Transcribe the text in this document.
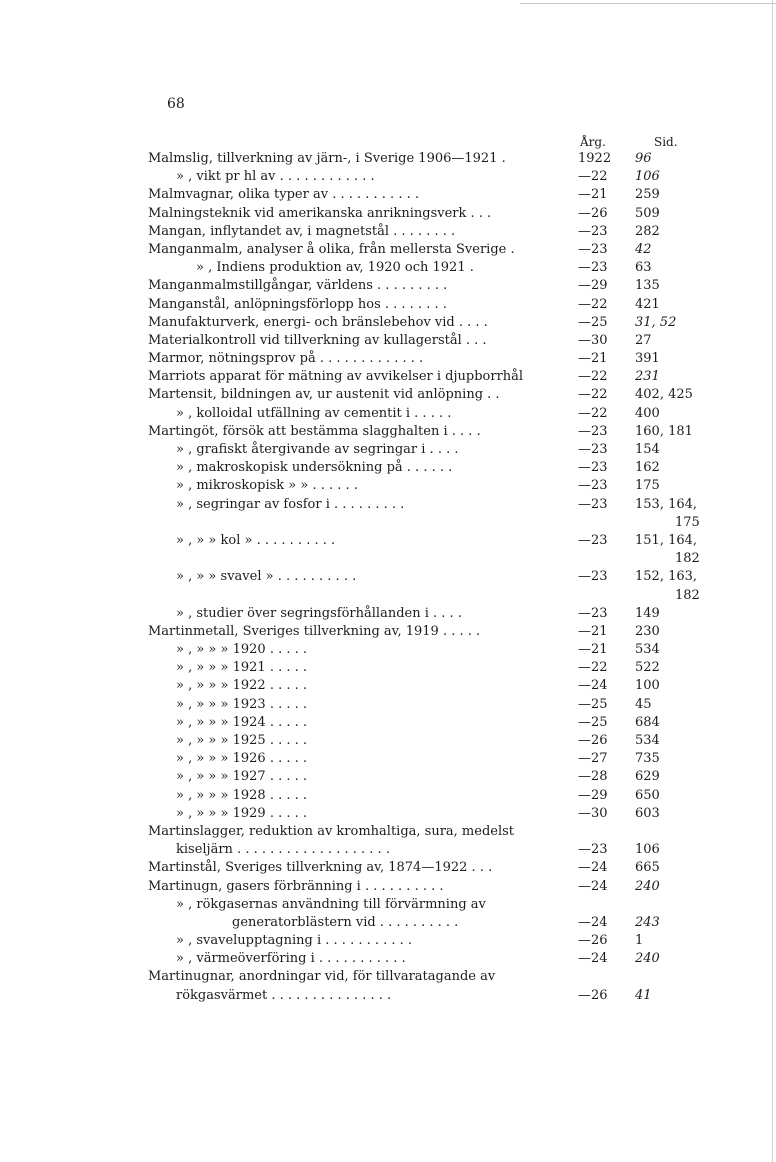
68
Årg.	Sid.
Malmslig, tillverkning av järn-, i Sverige 1906—1921 .	1922 96
» , vikt pr hl av . . . . . . . . . . . .	—22 106
Malmvagnar, olika typer av . . . . . . . . . . .	—21 259
Malningsteknik vid amerikanska anrikningsverk . . .	—26 509
Mangan, inflytandet av, i magnetstål . . . . . . . .	—23 282
Manganmalm, analyser å olika, från mellersta Sverige .	—23 42
» , Indiens produktion av, 1920 och 1921 .	—23 63
Manganmalmstillgångar, världens . . . . . . . . .	—29 135
Manganstål, anlöpningsförlopp hos . . . . . . . .	—22 421
Manufakturverk, energi- och bränslebehov vid . . . .	—25 31, 52
Materialkontroll vid tillverkning av kullagerstål . . .	—30 27
Marmor, nötningsprov på . . . . . . . . . . . . .	—21 391
Marriots apparat för mätning av avvikelser i djupborrhål	—22 231
Martensit, bildningen av, ur austenit vid anlöpning . .	—22 402, 425
» , kolloidal utfällning av cementit i . . . . .	—22 400
Martingöt, försök att bestämma slagghalten i . . . .	—23 160, 181
» , grafiskt återgivande av segringar i . . . .	—23 154
» , makroskopisk undersökning på . . . . . .	—23 162
» , mikroskopisk » » . . . . . .	—23 175
» , segringar av fosfor i . . . . . . . . .	—23 153, 164,
175
» , » » kol » . . . . . . . . . .	—23 151, 164,
182
» , » » svavel » . . . . . . . . . .	—23 152, 163,
182
» , studier över segringsförhållanden i . . . .	—23 149
Martinmetall, Sveriges tillverkning av, 1919 . . . . .	—21 230
» , » » » 1920 . . . . .	—21 534
» , » » » 1921 . . . . .	—22 522
» , » » » 1922 . . . . .	—24 100
» , » » » 1923 . . . . .	—25 45
» , » » » 1924 . . . . .	—25 684
» , » » » 1925 . . . . .	—26 534
» , » » » 1926 . . . . .	—27 735
» , » » » 1927 . . . . .	—28 629
» , » » » 1928 . . . . .	—29 650
» , » » » 1929 . . . . .	—30 603
Martinslagger, reduktion av kromhaltiga, sura, medelst
kiseljärn . . . . . . . . . . . . . . . . . . .	—23 106
Martinstål, Sveriges tillverkning av, 1874—1922 . . .	—24 665
Martinugn, gasers förbränning i . . . . . . . . . .	—24 240
» , rökgasernas användning till förvärmning av
generatorblästern vid . . . . . . . . . .	—24 243
» , svavelupptagning i . . . . . . . . . . .	—26 1
» , värmeöverföring i . . . . . . . . . . .	—24 240
Martinugnar, anordningar vid, för tillvaratagande av
rökgasvärmet . . . . . . . . . . . . . . .	—26 41
